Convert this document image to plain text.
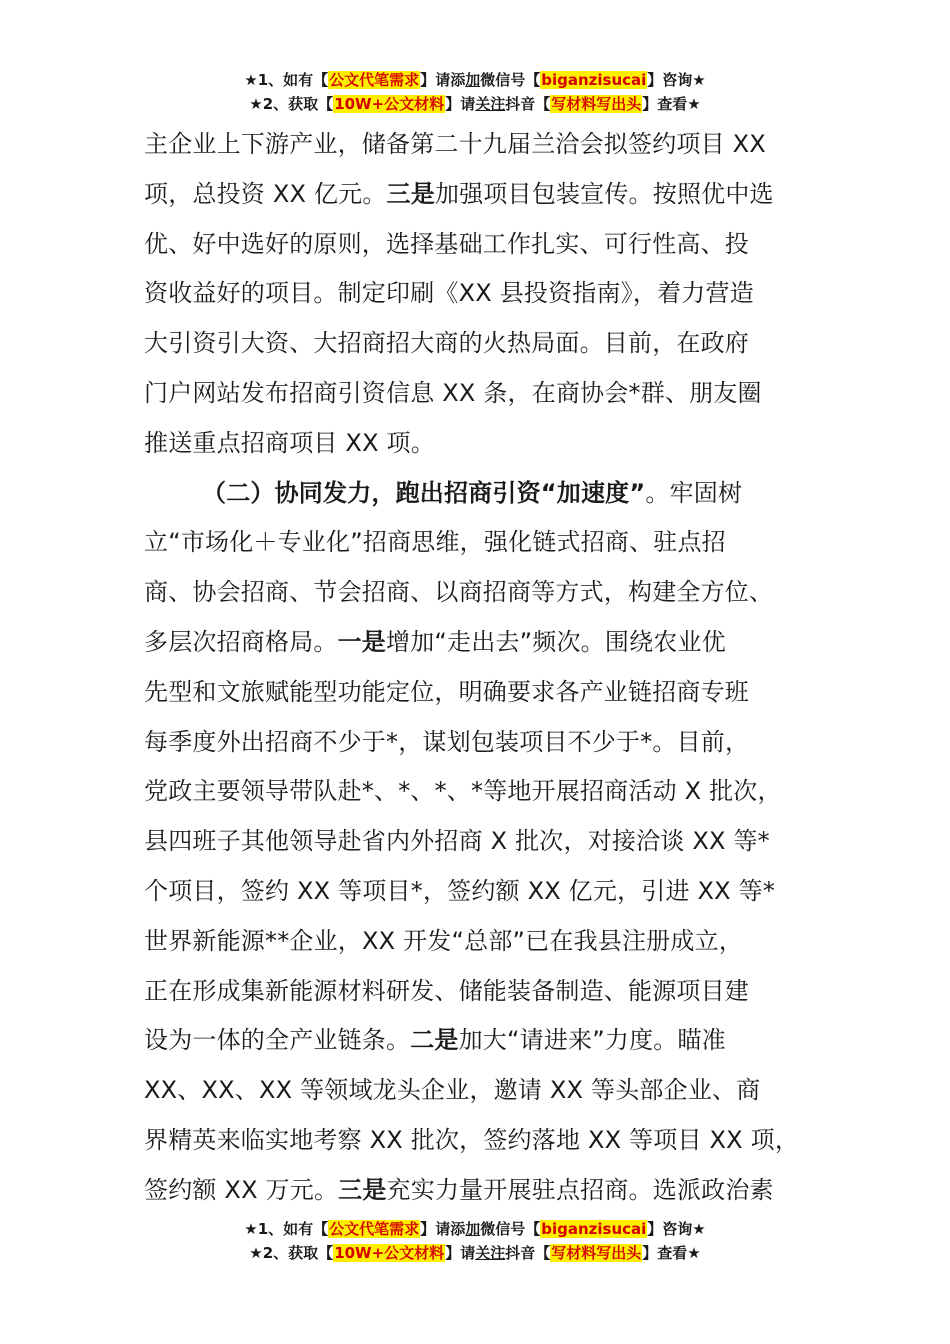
★1、如有【公文代笔需求】请添加微信号【biganzisucai】咨询★
★2、获取【10W+公文材料】请关注抖音【写材料写出头】查看★
主企业上下游产业，储备第二十九届兰洽会拟签约项目 XX
项，总投资 XX 亿元。三是加强项目包装宣传。按照优中选
优、好中选好的原则，选择基础工作扎实、可行性高、投
资收益好的项目。制定印刷《XX 县投资指南》，着力营造
大引资引大资、大招商招大商的火热局面。目前，在政府
门户网站发布招商引资信息 XX 条，在商协会*群、朋友圈
推送重点招商项目 XX 项。
（二）协同发力，跑出招商引资“加速度”。牢固树
立“市场化＋专业化”招商思维，强化链式招商、驻点招
商、协会招商、节会招商、以商招商等方式，构建全方位、
多层次招商格局。一是增加“走出去”频次。围绕农业优
先型和文旅赋能型功能定位，明确要求各产业链招商专班
每季度外出招商不少于*，谋划包装项目不少于*。目前，
党政主要领导带队赴*、*、*、*等地开展招商活动 X 批次，
县四班子其他领导赴省内外招商 X 批次，对接洽谈 XX 等*
个项目，签约 XX 等项目*，签约额 XX 亿元，引进 XX 等*
世界新能源**企业，XX 开发“总部”已在我县注册成立，
正在形成集新能源材料研发、储能装备制造、能源项目建
设为一体的全产业链条。二是加大“请进来”力度。瞄准
XX、XX、XX 等领域龙头企业，邀请 XX 等头部企业、商
界精英来临实地考察 XX 批次，签约落地 XX 等项目 XX 项，
签约额 XX 万元。三是充实力量开展驻点招商。选派政治素
★1、如有【公文代笔需求】请添加微信号【biganzisucai】咨询★
★2、获取【10W+公文材料】请关注抖音【写材料写出头】查看★
